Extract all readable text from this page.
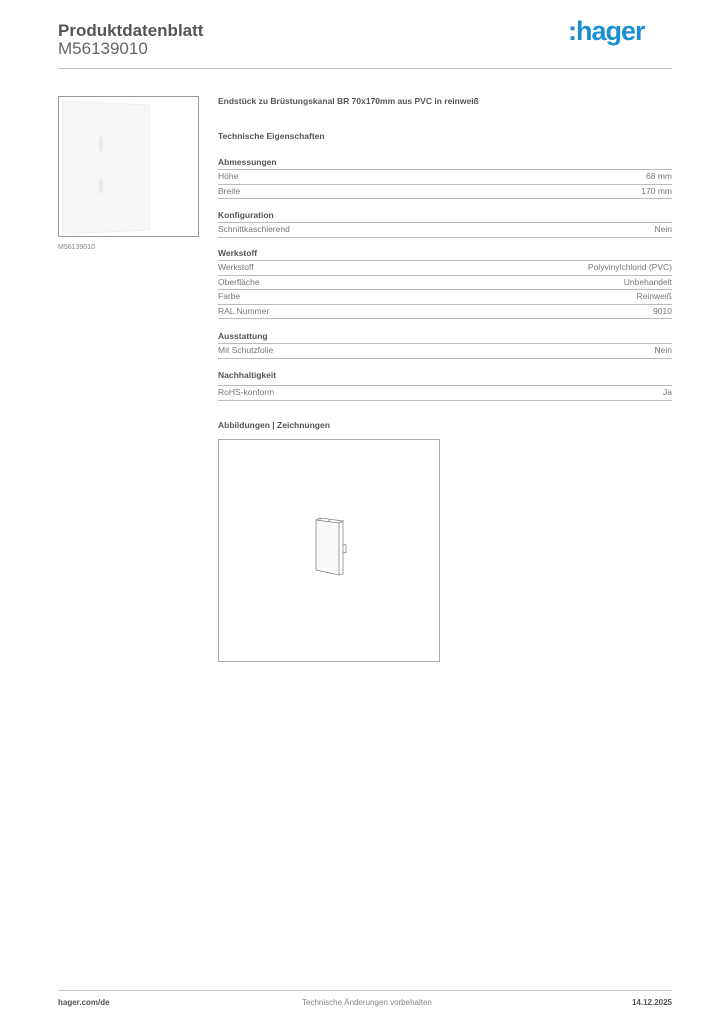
Produktdatenblatt
M56139010
:hager
M56139010
Endstück zu Brüstungskanal BR 70x170mm aus PVC in reinweiß
Technische Eigenschaften
Abmessungen
Höhe	68 mm
Breite	170 mm
Konfiguration
Schnittkaschierend	Nein
Werkstoff
Werkstoff	Polyvinylchlorid (PVC)
Oberfläche	Unbehandelt
Farbe	Reinweiß
RAL Nummer	9010
Ausstattung
Mit Schutzfolie	Nein
Nachhaltigkeit
RoHS-konform	Ja
Abbildungen | Zeichnungen
hager.com/de	Technische Änderungen vorbehalten	14.12.2025
